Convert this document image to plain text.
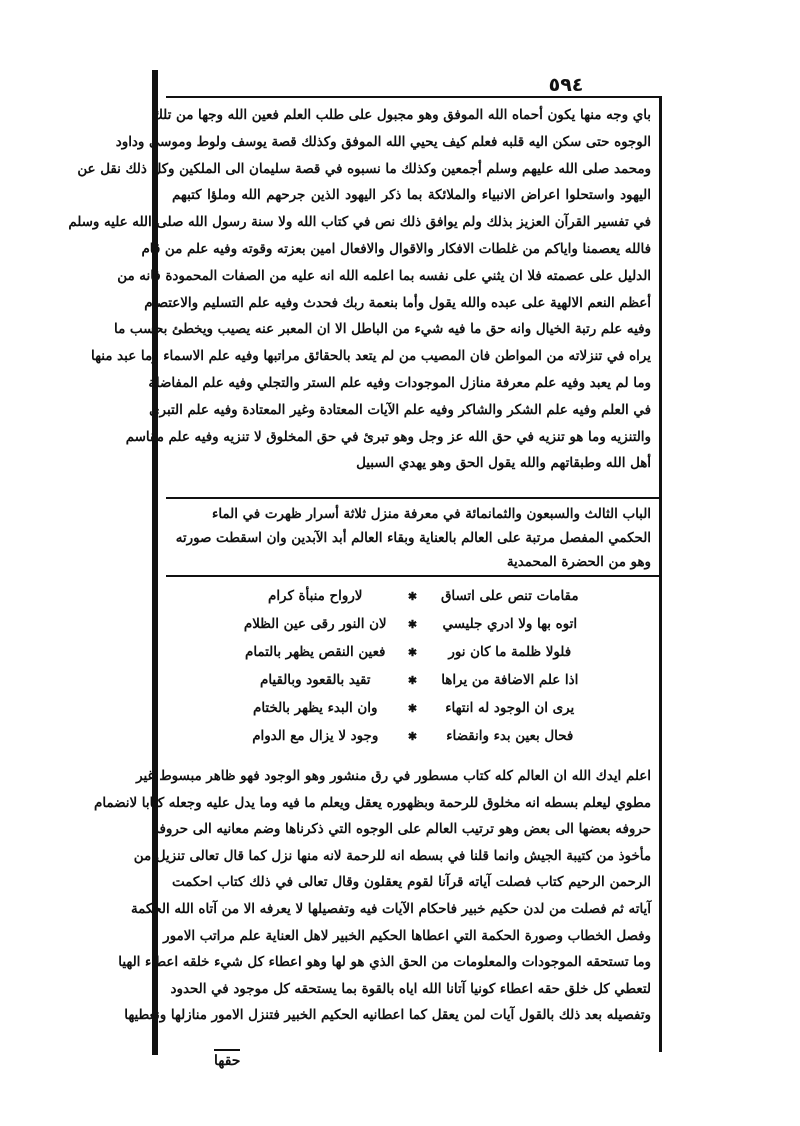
٥٩٤
باي وجه منها يكون أحماه الله الموفق وهو مجبول على طلب العلم فعين الله وجها من تلك
الوجوه حتى سكن اليه قلبه فعلم كيف يحيي الله الموفق وكذلك قصة يوسف ولوط وموسى وداود
ومحمد صلى الله عليهم وسلم أجمعين وكذلك ما نسبوه في قصة سليمان الى الملكين وكل ذلك نقل عن
اليهود واستحلوا اعراض الانبياء والملائكة بما ذكر اليهود الذين جرحهم الله وملؤا كتبهم
في تفسير القرآن العزيز بذلك ولم يوافق ذلك نص في كتاب الله ولا سنة رسول الله صلى الله عليه وسلم
فالله يعصمنا واياكم من غلطات الافكار والاقوال والافعال امين بعزته وقوته وفيه علم من قام
الدليل على عصمته فلا ان يثني على نفسه بما اعلمه الله انه عليه من الصفات المحمودة فانه من
أعظم النعم الالهية على عبده والله يقول وأما بنعمة ربك فحدث وفيه علم التسليم والاعتصام
وفيه علم رتبة الخيال وانه حق ما فيه شيء من الباطل الا ان المعبر عنه يصيب ويخطئ بحسب ما
يراه في تنزلاته من المواطن فان المصيب من لم يتعد بالحقائق مراتبها وفيه علم الاسماء وما عبد منها
وما لم يعبد وفيه علم معرفة منازل الموجودات وفيه علم الستر والتجلي وفيه علم المفاضلة
في العلم وفيه علم الشكر والشاكر وفيه علم الآيات المعتادة وغير المعتادة وفيه علم التبري
والتنزيه وما هو تنزيه في حق الله عز وجل وهو تبرئ في حق المخلوق لا تنزيه وفيه علم مقاسم
أهل الله وطبقاتهم والله يقول الحق وهو يهدي السبيل
الباب الثالث والسبعون والثمانمائة في معرفة منزل ثلاثة أسرار ظهرت في الماء الحكمي المفصل مرتبة على العالم بالعناية وبقاء العالم أبد الآبدين وان اسقطت صورته وهو من الحضرة المحمدية
مقامات تنص على اتساق
✱
لارواح منبأة كرام
اتوه بها ولا ادري جليسي
✱
لان النور رقى عين الظلام
فلولا ظلمة ما كان نور
✱
فعين النقص يظهر بالتمام
اذا علم الاضافة من يراها
✱
تقيد بالقعود وبالقيام
يرى ان الوجود له انتهاء
✱
وان البدء يظهر بالختام
فحال بعين بدء وانقضاء
✱
وجود لا يزال مع الدوام
اعلم ايدك الله ان العالم كله كتاب مسطور في رق منشور وهو الوجود فهو ظاهر مبسوط غير
مطوي ليعلم بسطه انه مخلوق للرحمة وبظهوره يعقل ويعلم ما فيه وما يدل عليه وجعله كتابا لانضمام
حروفه بعضها الى بعض وهو ترتيب العالم على الوجوه التي ذكرناها وضم معانيه الى حروفه
مأخوذ من كتيبة الجيش وانما قلنا في بسطه انه للرحمة لانه منها نزل كما قال تعالى تنزيل من
الرحمن الرحيم كتاب فصلت آياته قرآنا لقوم يعقلون وقال تعالى في ذلك كتاب احكمت
آياته ثم فصلت من لدن حكيم خبير فاحكام الآيات فيه وتفصيلها لا يعرفه الا من آتاه الله الحكمة
وفصل الخطاب وصورة الحكمة التي اعطاها الحكيم الخبير لاهل العناية علم مراتب الامور
وما تستحقه الموجودات والمعلومات من الحق الذي هو لها وهو اعطاء كل شيء خلقه اعطاء الهيا
لتعطي كل خلق حقه اعطاء كونيا آتانا الله اياه بالقوة بما يستحقه كل موجود في الحدود
وتفصيله بعد ذلك بالقول آيات لمن يعقل كما اعطانيه الحكيم الخبير فتنزل الامور منازلها ونعطيها
حقها
